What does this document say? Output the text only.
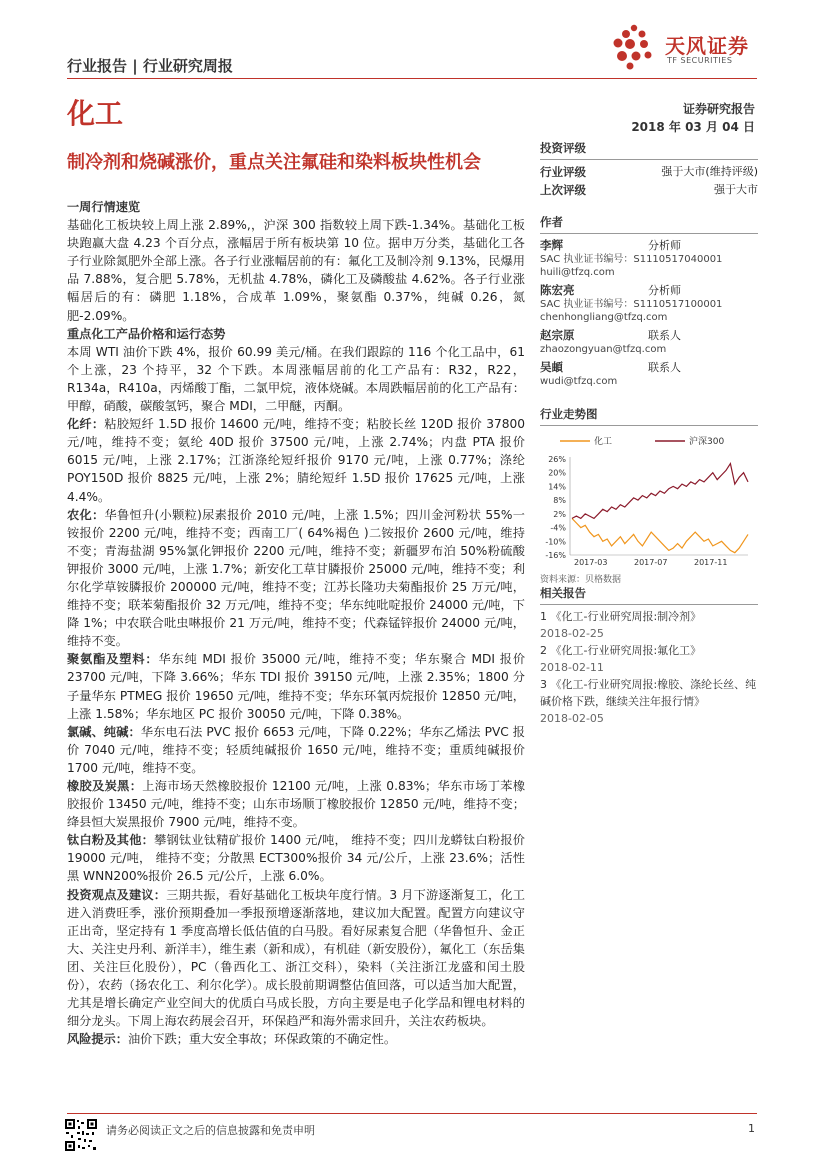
行业报告 | 行业研究周报
天风证券
TF SECURITIES
化工	证券研究报告
2018 年 03 月 04 日
制冷剂和烧碱涨价，重点关注氟硅和染料板块性机会

一周行情速览

基础化工板块较上周上涨 2.89%,，沪深 300 指数较上周下跌-1.34%。基础化工板块跑赢大盘 4.23 个百分点，涨幅居于所有板块第 10 位。据申万分类，基础化工各子行业除氮肥外全部上涨。各子行业涨幅居前的有：氟化工及制冷剂 9.13%，民爆用品 7.88%，复合肥 5.78%，无机盐 4.78%，磷化工及磷酸盐 4.62%。各子行业涨幅居后的有：磷肥 1.18%，合成革 1.09%，聚氨酯 0.37%，纯碱 0.26，氮肥-2.09%。

重点化工产品价格和运行态势

本周 WTI 油价下跌 4%，报价 60.99 美元/桶。在我们跟踪的 116 个化工品中，61 个上涨，23 个持平，32 个下跌。本周涨幅居前的化工产品有：R32，R22，R134a，R410a，丙烯酸丁酯，二氯甲烷，液体烧碱。本周跌幅居前的化工产品有：甲醇，硝酸，碳酸氢钙，聚合 MDI，二甲醚，丙酮。

化纤：粘胶短纤 1.5D 报价 14600 元/吨，维持不变；粘胶长丝 120D 报价 37800 元/吨，维持不变；氨纶 40D 报价 37500 元/吨，上涨 2.74%；内盘 PTA 报价 6015 元/吨，上涨 2.17%；江浙涤纶短纤报价 9170 元/吨，上涨 0.77%；涤纶 POY150D 报价 8825 元/吨，上涨 2%；腈纶短纤 1.5D 报价 17625 元/吨，上涨 4.4%。

农化：华鲁恒升(小颗粒)尿素报价 2010 元/吨，上涨 1.5%；四川金河粉状 55%一铵报价 2200 元/吨，维持不变；西南工厂( 64%褐色 )二铵报价 2600 元/吨，维持不变；青海盐湖 95%氯化钾报价 2200 元/吨，维持不变；新疆罗布泊 50%粉硫酸钾报价 3000 元/吨，上涨 1.7%；新安化工草甘膦报价 25000 元/吨，维持不变；利尔化学草铵膦报价 200000 元/吨，维持不变；江苏长隆功夫菊酯报价 25 万元/吨，维持不变；联苯菊酯报价 32 万元/吨，维持不变；华东纯吡啶报价 24000 元/吨，下降 1%；中农联合吡虫啉报价 21 万元/吨，维持不变；代森锰锌报价 24000 元/吨，维持不变。

聚氨酯及塑料：华东纯 MDI 报价 35000 元/吨，维持不变；华东聚合 MDI 报价 23700 元/吨，下降 3.66%；华东 TDI 报价 39150 元/吨，上涨 2.35%；1800 分子量华东 PTMEG 报价 19650 元/吨，维持不变；华东环氧丙烷报价 12850 元/吨，上涨 1.58%；华东地区 PC 报价 30050 元/吨，下降 0.38%。

氯碱、纯碱：华东电石法 PVC 报价 6653 元/吨，下降 0.22%；华东乙烯法 PVC 报价 7040 元/吨，维持不变；轻质纯碱报价 1650 元/吨，维持不变；重质纯碱报价 1700 元/吨，维持不变。

橡胶及炭黑：上海市场天然橡胶报价 12100 元/吨，上涨 0.83%；华东市场丁苯橡胶报价 13450 元/吨，维持不变；山东市场顺丁橡胶报价 12850 元/吨，维持不变；绛县恒大炭黑报价 7900 元/吨，维持不变。

钛白粉及其他：攀钢钛业钛精矿报价 1400 元/吨， 维持不变；四川龙蟒钛白粉报价 19000 元/吨， 维持不变；分散黑 ECT300%报价 34 元/公斤，上涨 23.6%；活性黑 WNN200%报价 26.5 元/公斤，上涨 6.0%。

投资观点及建议：三期共振，看好基础化工板块年度行情。3 月下游逐渐复工，化工进入消费旺季，涨价预期叠加一季报预增逐渐落地，建议加大配置。配置方向建议守正出奇，坚定持有 1 季度高增长低估值的白马股。看好尿素复合肥（华鲁恒升、金正大、关注史丹利、新洋丰），维生素（新和成），有机硅（新安股份），氟化工（东岳集团、关注巨化股份），PC（鲁西化工、浙江交科），染料（关注浙江龙盛和闰土股份），农药（扬农化工、利尔化学）。成长股前期调整估值回落，可以适当加大配置，尤其是增长确定产业空间大的优质白马成长股，方向主要是电子化学品和锂电材料的细分龙头。下周上海农药展会召开，环保趋严和海外需求回升，关注农药板块。

风险提示：油价下跌；重大安全事故；环保政策的不确定性。

投资评级
行业评级	强于大市(维持评级)
上次评级	强于大市
作者
李辉	分析师
SAC 执业证书编号：S1110517040001
huili@tfzq.com
陈宏亮	分析师
SAC 执业证书编号：S1110517100001
chenhongliang@tfzq.com
赵宗原	联系人
zhaozongyuan@tfzq.com
吴頔	联系人
wudi@tfzq.com
行业走势图
化工	沪深300
26%
20%
14%
8%
2%
-4%
-10%
-16%
2017-03	2017-07	2017-11
资料来源：贝格数据
相关报告
1 《化工-行业研究周报:制冷剂》
2018-02-25
2 《化工-行业研究周报:氟化工》
2018-02-11
3 《化工-行业研究周报:橡胶、涤纶长丝、纯碱价格下跌，继续关注年报行情》
2018-02-05
请务必阅读正文之后的信息披露和免责申明	1
